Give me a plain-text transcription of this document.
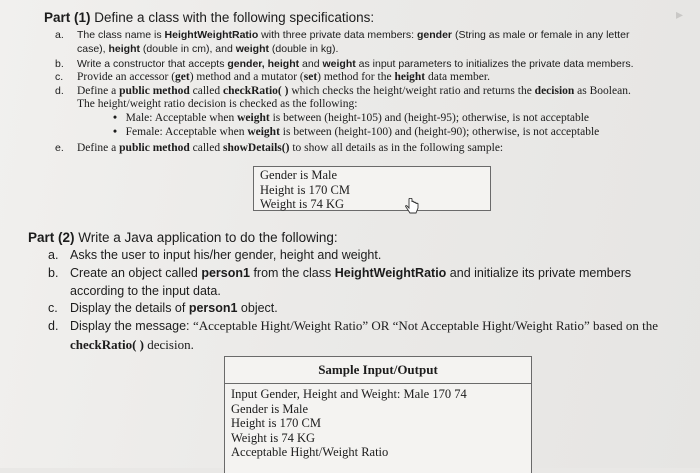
▸
Part (1) Define a class with the following specifications:
a. The class name is HeightWeightRatio with three private data members: gender (String as male or female in any letter
case), height (double in cm), and weight (double in kg).
b. Write a constructor that accepts gender, height and weight as input parameters to initializes the private data members.
c. Provide an accessor (get) method and a mutator (set) method for the height data member.
d. Define a public method called checkRatio( ) which checks the height/weight ratio and returns the decision as Boolean.
The height/weight ratio decision is checked as the following:
• Male: Acceptable when weight is between (height-105) and (height-95); otherwise, is not acceptable
• Female: Acceptable when weight is between (height-100) and (height-90); otherwise, is not acceptable
e. Define a public method called showDetails() to show all details as in the following sample:
Gender is Male
Height is 170 CM
Weight is 74 KG
Part (2) Write a Java application to do the following:
a. Asks the user to input his/her gender, height and weight.
b. Create an object called person1 from the class HeightWeightRatio and initialize its private members
according to the input data.
c. Display the details of person1 object.
d. Display the message: “Acceptable Hight/Weight Ratio” OR “Not Acceptable Hight/Weight Ratio” based on the
checkRatio( ) decision.
Sample Input/Output
Input Gender, Height and Weight: Male 170 74
Gender is Male
Height is 170 CM
Weight is 74 KG
Acceptable Hight/Weight Ratio
